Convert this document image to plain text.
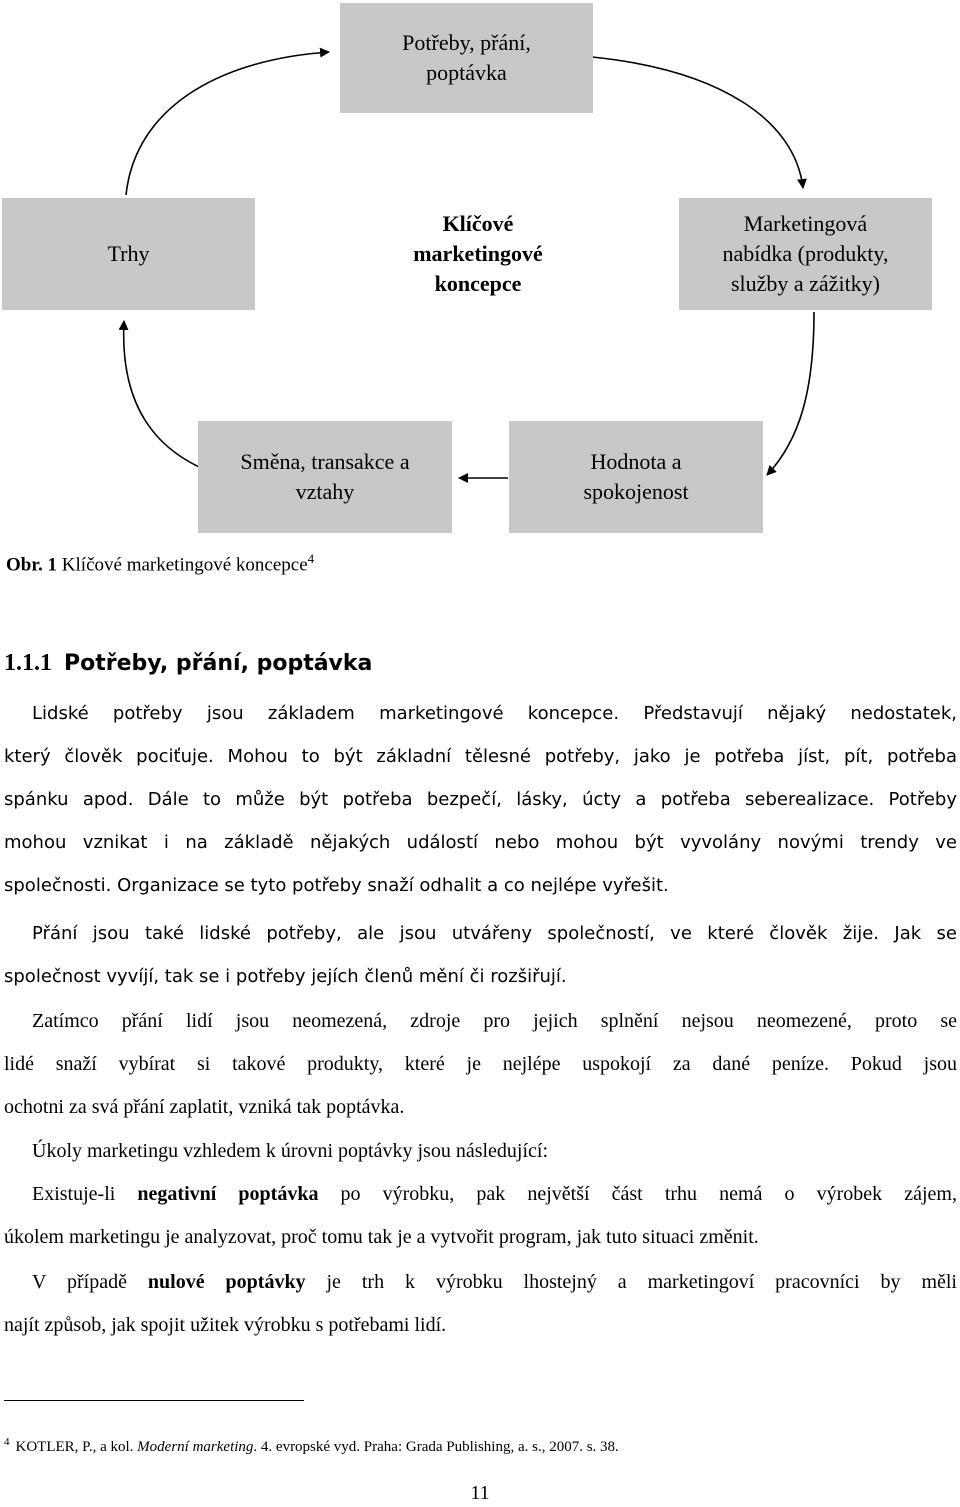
Potřeby, přání,
poptávka
Trhy
Klíčové
marketingové
koncepce
Marketingová
nabídka (produkty,
služby a zážitky)
Směna, transakce a
vztahy
Hodnota a
spokojenost
Obr. 1 Klíčové marketingové koncepce$^4$
1.1.1 Potřeby, přání, poptávka
Lidské potřeby jsou základem marketingové koncepce. Představují nějaký nedostatek,
který člověk pociťuje. Mohou to být základní tělesné potřeby, jako je potřeba jíst, pít, potřeba
spánku apod. Dále to může být potřeba bezpečí, lásky, úcty a potřeba seberealizace. Potřeby
mohou vznikat i na základě nějakých událostí nebo mohou být vyvolány novými trendy ve
společnosti. Organizace se tyto potřeby snaží odhalit a co nejlépe vyřešit.
Přání jsou také lidské potřeby, ale jsou utvářeny společností, ve které člověk žije. Jak se
společnost vyvíjí, tak se i potřeby jejích členů mění či rozšiřují.
Zatímco přání lidí jsou neomezená, zdroje pro jejich splnění nejsou neomezené, proto se
lidé snaží vybírat si takové produkty, které je nejlépe uspokojí za dané peníze. Pokud jsou
ochotni za svá přání zaplatit, vzniká tak poptávka.
Úkoly marketingu vzhledem k úrovni poptávky jsou následující:
Existuje-li negativní poptávka po výrobku, pak největší část trhu nemá o výrobek zájem,
úkolem marketingu je analyzovat, proč tomu tak je a vytvořit program, jak tuto situaci změnit.
V případě nulové poptávky je trh k výrobku lhostejný a marketingoví pracovníci by měli
najít způsob, jak spojit užitek výrobku s potřebami lidí.
$^4$ KOTLER, P., a kol. Moderní marketing. 4. evropské vyd. Praha: Grada Publishing, a. s., 2007. s. 38.
11
